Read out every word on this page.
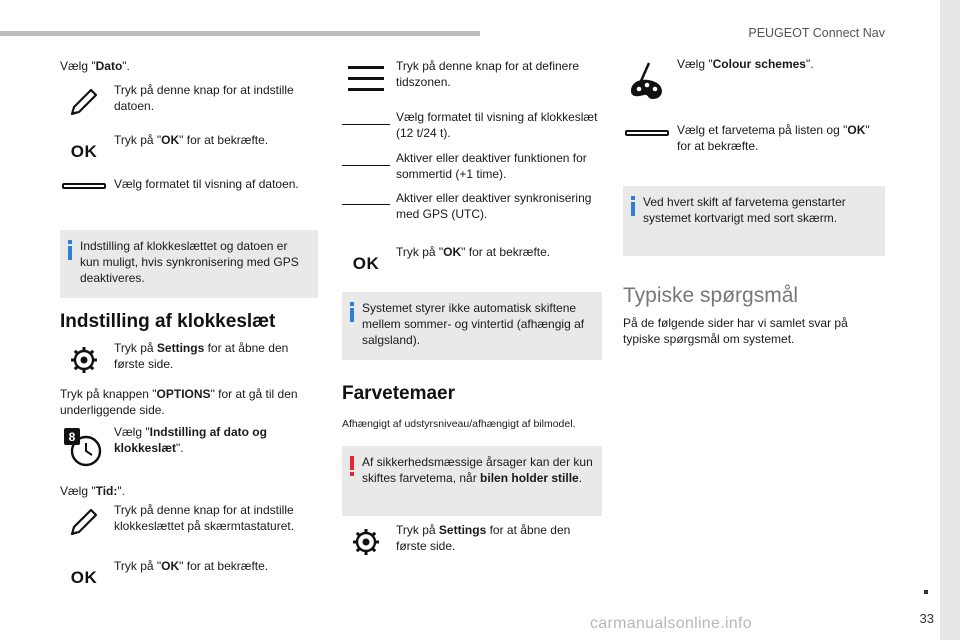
PEUGEOT Connect Nav
33
carmanualsonline.info
Vælg "Dato".
Tryk på denne knap for at indstille datoen.
OK
Tryk på "OK" for at bekræfte.
Vælg formatet til visning af datoen.
Indstilling af klokkeslættet og datoen er kun muligt, hvis synkronisering med GPS deaktiveres.
Indstilling af klokkeslæt
Tryk på Settings for at åbne den første side.
Tryk på knappen "OPTIONS" for at gå til den underliggende side.
8	Vælg "Indstilling af dato og klokkeslæt".
Vælg "Tid:".
Tryk på denne knap for at indstille klokkeslættet på skærmtastaturet.
OK
Tryk på "OK" for at bekræfte.
Tryk på denne knap for at definere tidszonen.
Vælg formatet til visning af klokkeslæt (12 t/24 t).
Aktiver eller deaktiver funktionen for sommertid (+1 time).
Aktiver eller deaktiver synkronisering med GPS (UTC).
OK
Tryk på "OK" for at bekræfte.
Systemet styrer ikke automatisk skiftene mellem sommer- og vintertid (afhængig af salgsland).
Farvetemaer
Afhængigt af udstyrsniveau/afhængigt af bilmodel.
Af sikkerhedsmæssige årsager kan der kun skiftes farvetema, når bilen holder stille.
Tryk på Settings for at åbne den første side.
Vælg "Colour schemes".
Vælg et farvetema på listen og "OK" for at bekræfte.
Ved hvert skift af farvetema genstarter systemet kortvarigt med sort skærm.
Typiske spørgsmål
På de følgende sider har vi samlet svar på typiske spørgsmål om systemet.
